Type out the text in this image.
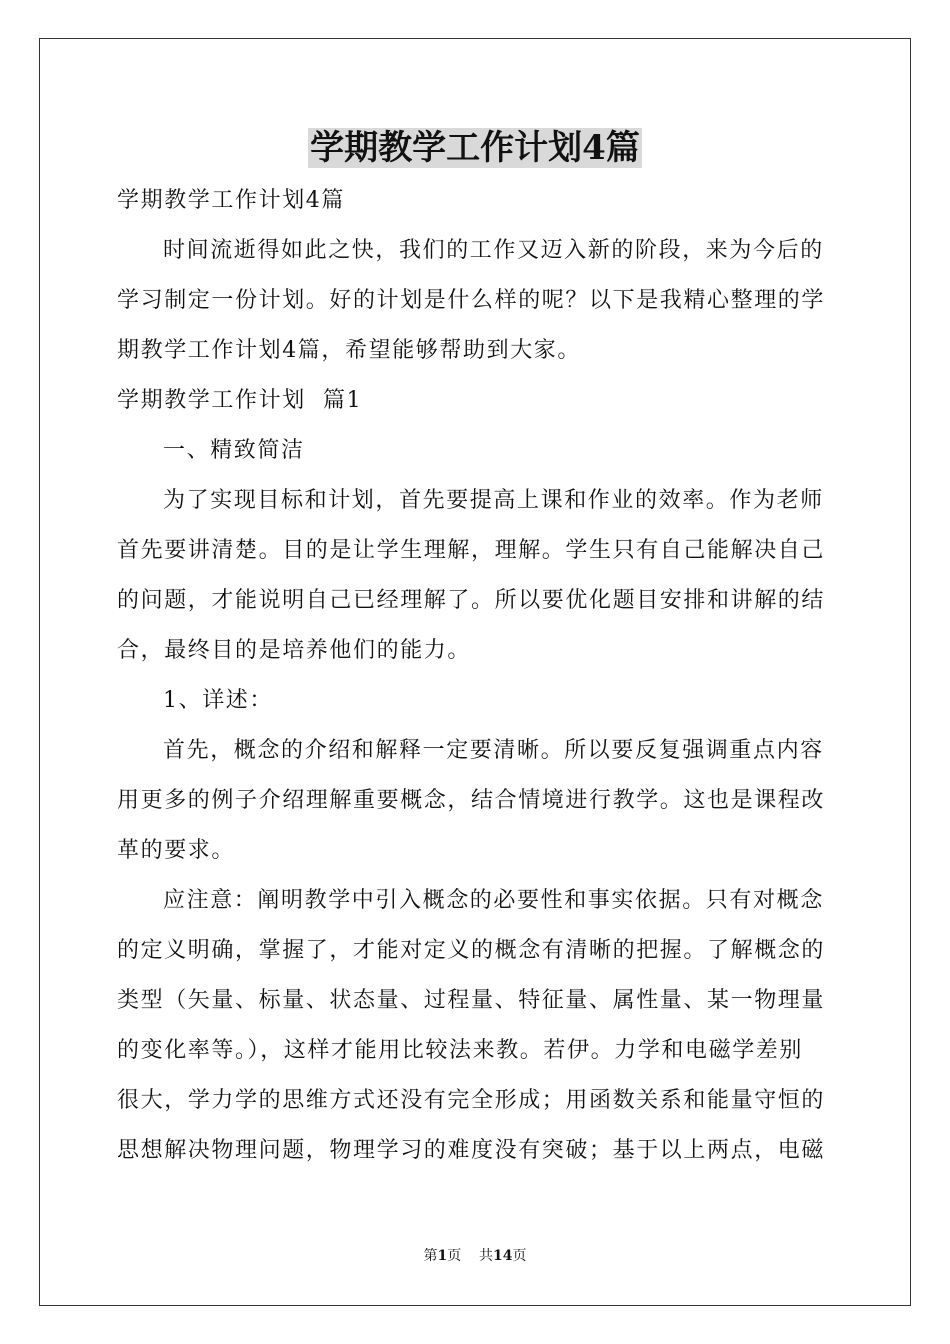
学期教学工作计划4篇
学期教学工作计划4篇
时间流逝得如此之快，我们的工作又迈入新的阶段，来为今后的
学习制定一份计划。好的计划是什么样的呢？以下是我精心整理的学
期教学工作计划4篇，希望能够帮助到大家。
学期教学工作计划  篇1
一、精致简洁
为了实现目标和计划，首先要提高上课和作业的效率。作为老师
首先要讲清楚。目的是让学生理解，理解。学生只有自己能解决自己
的问题，才能说明自己已经理解了。所以要优化题目安排和讲解的结
合，最终目的是培养他们的能力。
1、详述：
首先，概念的介绍和解释一定要清晰。所以要反复强调重点内容
用更多的例子介绍理解重要概念，结合情境进行教学。这也是课程改
革的要求。
应注意：阐明教学中引入概念的必要性和事实依据。只有对概念
的定义明确，掌握了，才能对定义的概念有清晰的把握。了解概念的
类型（矢量、标量、状态量、过程量、特征量、属性量、某一物理量
的变化率等。），这样才能用比较法来教。若伊。力学和电磁学差别
很大，学力学的思维方式还没有完全形成；用函数关系和能量守恒的
思想解决物理问题，物理学习的难度没有突破；基于以上两点，电磁
第1页 共14页
